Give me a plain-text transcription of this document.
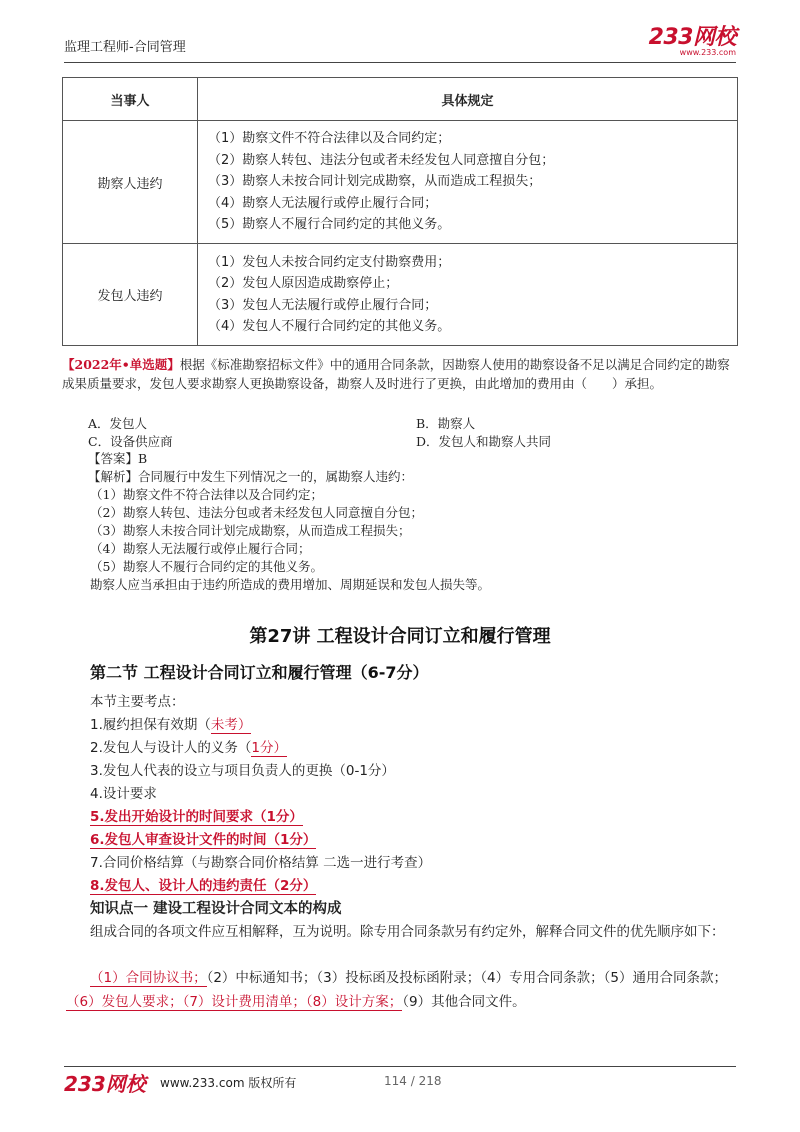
监理工程师-合同管理	233网校
www.233.com
当事人	具体规定
勘察人违约	（1）勘察文件不符合法律以及合同约定；
（2）勘察人转包、违法分包或者未经发包人同意擅自分包；
（3）勘察人未按合同计划完成勘察，从而造成工程损失；
（4）勘察人无法履行或停止履行合同；
（5）勘察人不履行合同约定的其他义务。

发包人违约	（1）发包人未按合同约定支付勘察费用；
（2）发包人原因造成勘察停止；
（3）发包人无法履行或停止履行合同；
（4）发包人不履行合同约定的其他义务。
【2022年•单选题】根据《标准勘察招标文件》中的通用合同条款，因勘察人使用的勘察设备不足以满足合同约定的勘察成果质量要求，发包人要求勘察人更换勘察设备，勘察人及时进行了更换，由此增加的费用由（　　）承担。
A．发包人	B．勘察人
C．设备供应商	D．发包人和勘察人共同
【答案】B
【解析】合同履行中发生下列情况之一的，属勘察人违约：
（1）勘察文件不符合法律以及合同约定；
（2）勘察人转包、违法分包或者未经发包人同意擅自分包；
（3）勘察人未按合同计划完成勘察，从而造成工程损失；
（4）勘察人无法履行或停止履行合同；
（5）勘察人不履行合同约定的其他义务。
勘察人应当承担由于违约所造成的费用增加、周期延误和发包人损失等。
第27讲 工程设计合同订立和履行管理
第二节 工程设计合同订立和履行管理（6-7分）
本节主要考点：
1.履约担保有效期（未考）
2.发包人与设计人的义务（1分）
3.发包人代表的设立与项目负责人的更换（0-1分）
4.设计要求
5.发出开始设计的时间要求（1分）
6.发包人审查设计文件的时间（1分）
7.合同价格结算（与勘察合同价格结算 二选一进行考查）
8.发包人、设计人的违约责任（2分）
知识点一 建设工程设计合同文本的构成
组成合同的各项文件应互相解释，互为说明。除专用合同条款另有约定外，解释合同文件的优先顺序如下：
（1）合同协议书；（2）中标通知书；（3）投标函及投标函附录；（4）专用合同条款；（5）通用合同条款；（6）发包人要求；（7）设计费用清单；（8）设计方案；（9）其他合同文件。
233网校 www.233.com 版权所有	114 / 218
